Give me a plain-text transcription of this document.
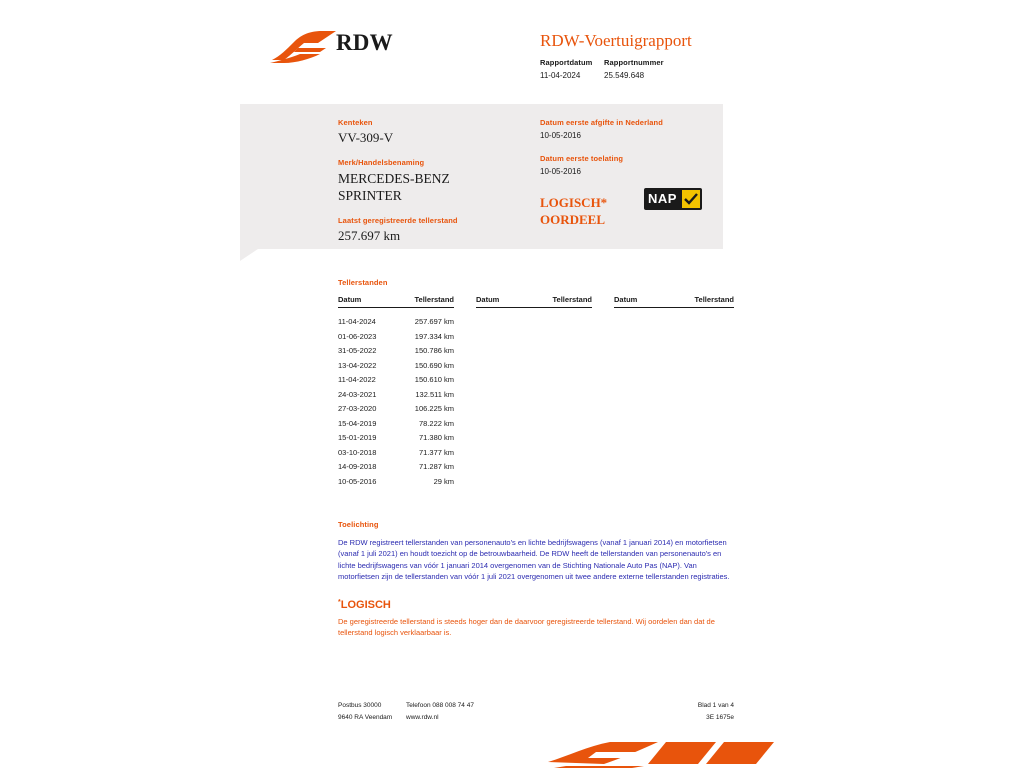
RDW	RDW-Voertuigrapport
Rapportdatum
11-04-2024
Rapportnummer
25.549.648
Kenteken
VV-309-V
Merk/Handelsbenaming
MERCEDES-BENZ
SPRINTER
Laatst geregistreerde tellerstand
257.697 km
Datum eerste afgifte in Nederland
10-05-2016
Datum eerste toelating
10-05-2016
LOGISCH*
OORDEEL
NAP
Tellerstanden
Datum	Tellerstand	Datum	Tellerstand	Datum	Tellerstand
11-04-2024	257.697 km
01-06-2023	197.334 km
31-05-2022	150.786 km
13-04-2022	150.690 km
11-04-2022	150.610 km
24-03-2021	132.511 km
27-03-2020	106.225 km
15-04-2019	78.222 km
15-01-2019	71.380 km
03-10-2018	71.377 km
14-09-2018	71.287 km
10-05-2016	29 km
Toelichting

De RDW registreert tellerstanden van personenauto's en lichte bedrijfswagens (vanaf 1 januari 2014) en motorfietsen (vanaf 1 juli 2021) en houdt toezicht op de betrouwbaarheid. De RDW heeft de tellerstanden van personenauto's en lichte bedrijfswagens van vóór 1 januari 2014 overgenomen van de Stichting Nationale Auto Pas (NAP). Van motorfietsen zijn de tellerstanden van vóór 1 juli 2021 overgenomen uit twee andere externe tellerstanden registraties.

*LOGISCH
De geregistreerde tellerstand is steeds hoger dan de daarvoor geregistreerde tellerstand. Wij oordelen dan dat de tellerstand logisch verklaarbaar is.
Postbus 30000
9640 RA Veendam
Telefoon 088 008 74 47
www.rdw.nl
Blad 1 van 4
3E 1675e
